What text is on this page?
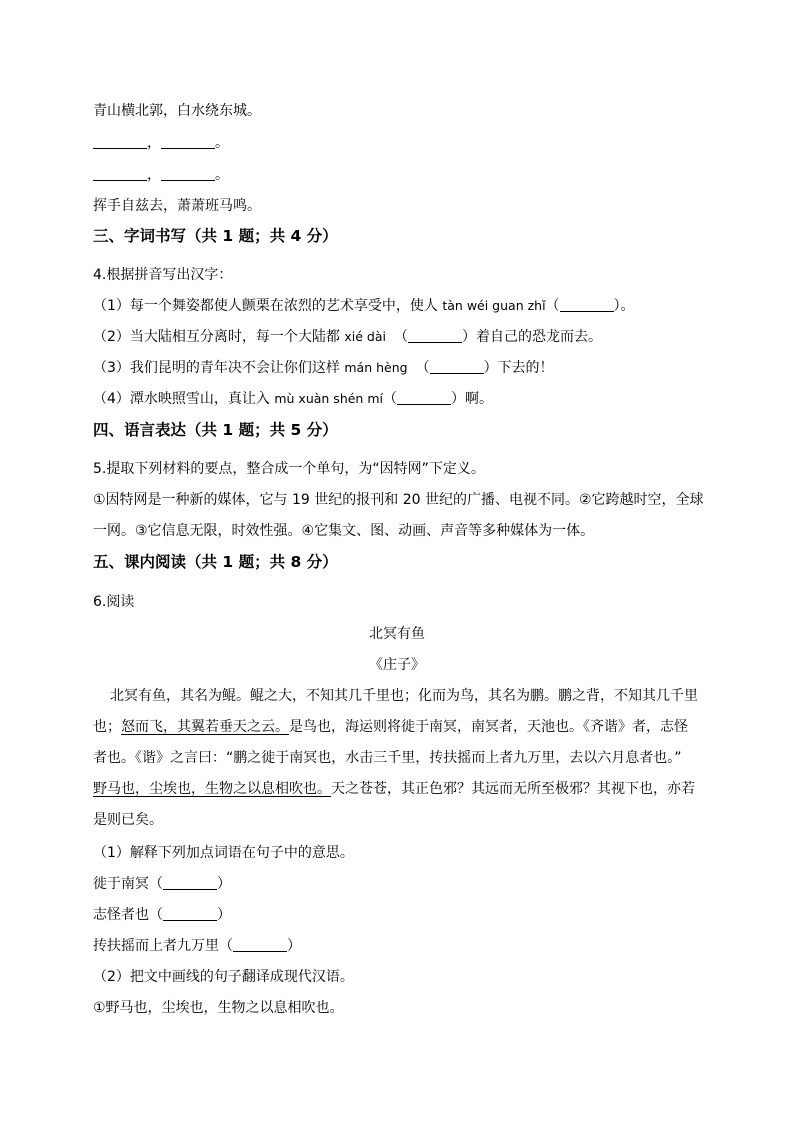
青山横北郭，白水绕东城。
，	。
，	。
挥手自兹去，萧萧班马鸣。
三、字词书写（共 1 题；共 4 分）
4.根据拼音写出汉字：
（1）每一个舞姿都使人颤栗在浓烈的艺术享受中，使人 tàn wéi guan zhǐ（	）。
（2）当大陆相互分离时，每一个大陆都 xié dài （	）着自己的恐龙而去。
（3）我们昆明的青年决不会让你们这样 mán hèng （	）下去的！
（4）潭水映照雪山，真让入 mù xuàn shén mí（	）啊。
四、语言表达（共 1 题；共 5 分）
5.提取下列材料的要点，整合成一个单句，为“因特网”下定义。
①因特网是一种新的媒体，它与 19 世纪的报刊和 20 世纪的广播、电视不同。②它跨越时空，全球
一网。③它信息无限，时效性强。④它集文、图、动画、声音等多种媒体为一体。
五、课内阅读（共 1 题；共 8 分）
6.阅读
北冥有鱼
《庄子》
北冥有鱼，其名为鲲。鲲之大，不知其几千里也；化而为鸟，其名为鹏。鹏之背，不知其几千里
也；怒而飞，其翼若垂天之云。是鸟也，海运则将徙于南冥，南冥者，天池也。《齐谐》者，志怪
者也。《谐》之言曰：“鹏之徙于南冥也，水击三千里，抟扶摇而上者九万里，去以六月息者也。”
野马也，尘埃也，生物之以息相吹也。天之苍苍，其正色邪？其远而无所至极邪？其视下也，亦若
是则已矣。
（1）解释下列加点词语在句子中的意思。
徙于南冥（	）
志怪者也（	）
抟扶摇而上者九万里（	）
（2）把文中画线的句子翻译成现代汉语。
①野马也，尘埃也，生物之以息相吹也。
